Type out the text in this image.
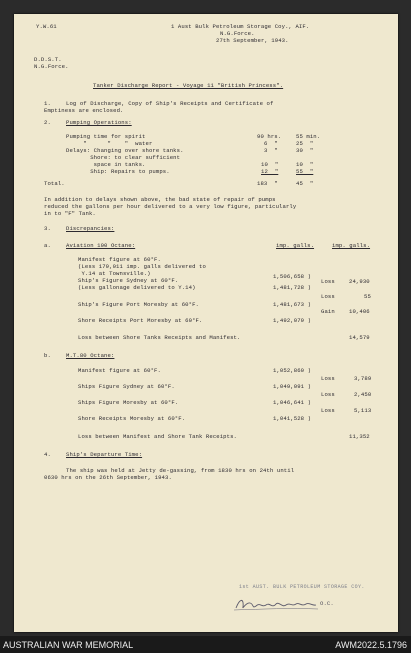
Y.W.61	1 Aust Bulk Petroleum Storage Coy., AIF.
N.G.Force.
27th September, 1943.
D.D.S.T.
N.G.Force.
Tanker Discharge Report - Voyage 11 "British Princess".
1.	Log of Discharge, Copy of Ship's Receipts and Certificate of
Emptiness are enclosed.
2.	Pumping Operations:
Pumping time for spirit	90 hrs.	55 min.
"      "    "  water	6  "	25  "
Delays: Changing over shore tanks.	3  "	30  "
Shore: to clear sufficient
space in tanks.	10  "	10  "
Ship: Repairs to pumps.	12  "	55  "
Total.	183  "	45  "
In addition to delays shown above, the bad state of repair of pumps
reduced the gallons per hour delivered to a very low figure, particularly
in to "F" Tank.
3.	Discrepancies:
a.	Aviation 100 Octane:	imp. galls.	imp. galls.
Manifest figure at 60°F.
(Less 179,011 imp. galls delivered to
Y.14 at Townsville.)	1,506,658 )
Loss	24,930
Ship's Figure Sydney at 60°F.
(Less gallonage delivered to Y.14)	1,481,728 )
Loss	55
Ship's Figure Port Moresby at 60°F.	1,481,673 )
Gain	10,406
Shore Receipts Port Moresby at 60°F.	1,492,079 )
Loss between Shore Tanks Receipts and Manifest.	14,579
b.	M.T.80 Octane:
Manifest figure at 60°F.	1,052,860 )
Loss	3,789
Ships Figure Sydney at 60°F.	1,049,091 )
Loss	2,450
Ships Figure Moresby at 60°F.	1,046,641 )
Loss	5,113
Shore Receipts Moresby at 60°F.	1,041,528 )
Loss between Manifest and Shore Tank Receipts.	11,352
4.	Ship's Departure Time:
The ship was held at Jetty de-gassing, from 1830 hrs on 24th until
0630 hrs on the 26th September, 1943.
1st AUST. BULK PETROLEUM STORAGE COY.
O.C.
AUSTRALIAN WAR MEMORIAL	AWM2022.5.1796
